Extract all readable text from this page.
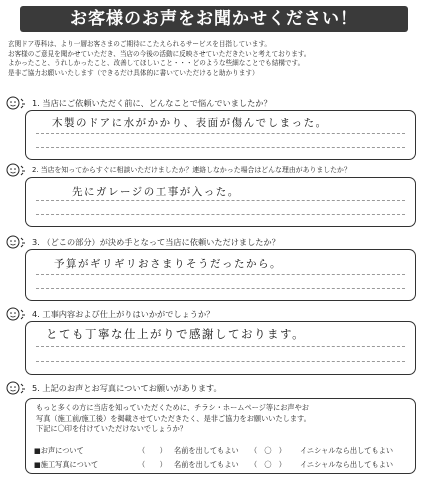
お客様のお声をお聞かせください！
玄関ドア専科は、より一層お客さまのご期待にこたえられるサービスを目指しています。
お客様のご意見を聞かせていただき、当店の今後の活動に反映させていただきたいと考えております。
よかったこと、うれしかったこと、改善してほしいこと・・・どのような些細なことでも結構です。
是非ご協力お願いいたします（できるだけ具体的に書いていただけると助かります）
1. 当店にご依頼いただく前に、どんなことで悩んでいましたか？
木製のドアに水がかかり、表面が傷んでしまった。
2. 当店を知ってからすぐに相談いただけましたか？連絡しなかった場合はどんな理由がありましたか？
先にガレージの工事が入った。
3. （どこの部分）が決め手となって当店に依頼いただけましたか？
予算がギリギリおさまりそうだったから。
4. 工事内容および仕上がりはいかがでしょうか？
とても丁寧な仕上がりで感謝しております。
5. 上記のお声とお写真についてお願いがあります。
もっと多くの方に当店を知っていただくために、チラシ・ホームページ等にお声やお
写真（施工前/施工後）を掲載させていただきたく、是非ご協力をお願いいたします。
下記に〇印を付けていただけないでしょうか？
■お声について	（　　） 名前を出してもよい （　〇　） イニシャルなら出してもよい
■施工写真について	（　　） 名前を出してもよい （　〇　） イニシャルなら出してもよい
